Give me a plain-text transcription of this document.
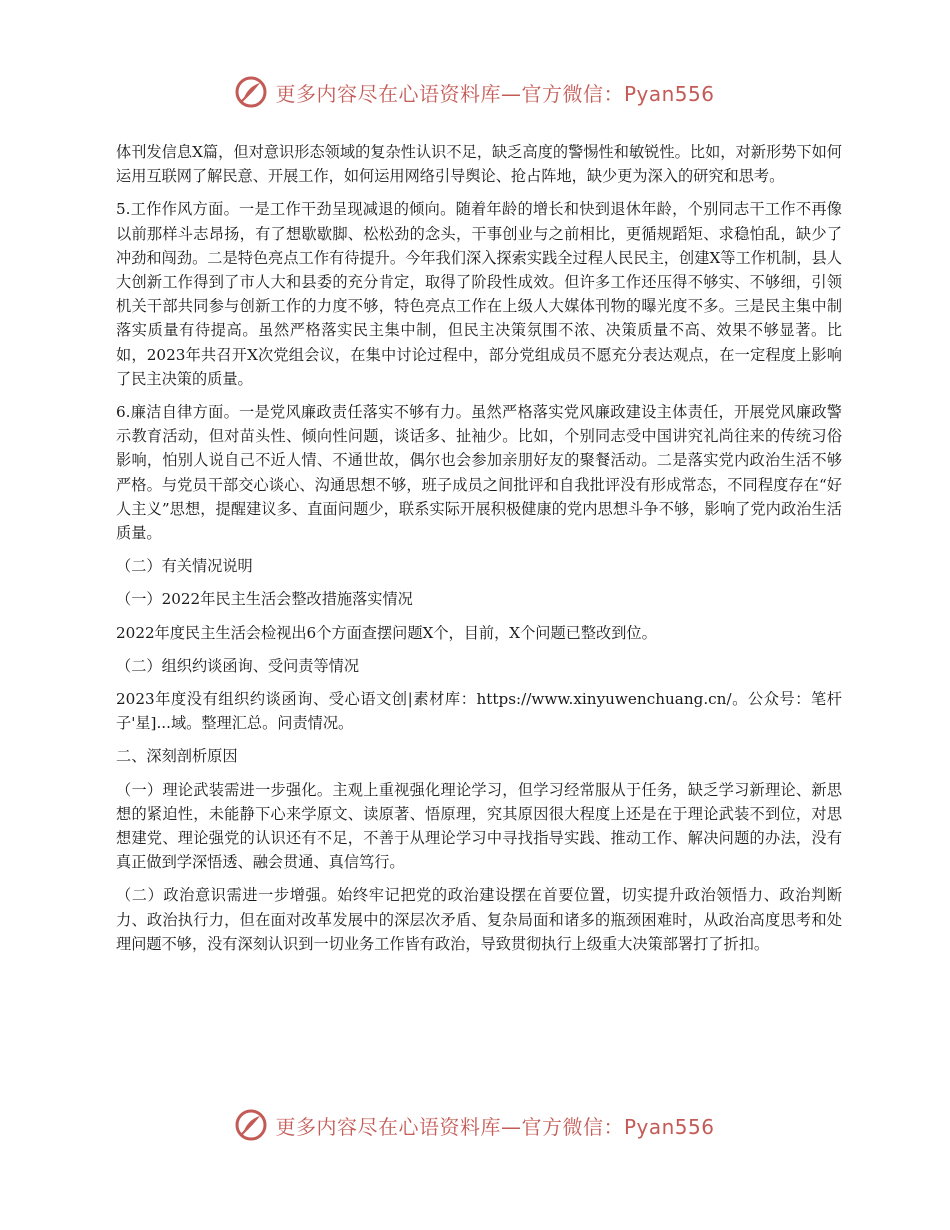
更多内容尽在心语资料库—官方微信：Pyan556

体刊发信息X篇，但对意识形态领域的复杂性认识不足，缺乏高度的警惕性和敏锐性。比如，对新形势下如何运用互联网了解民意、开展工作，如何运用网络引导舆论、抢占阵地，缺少更为深入的研究和思考。

5.工作作风方面。一是工作干劲呈现减退的倾向。随着年龄的增长和快到退休年龄，个别同志干工作不再像以前那样斗志昂扬，有了想歇歇脚、松松劲的念头，干事创业与之前相比，更循规蹈矩、求稳怕乱，缺少了冲劲和闯劲。二是特色亮点工作有待提升。今年我们深入探索实践全过程人民民主，创建X等工作机制，县人大创新工作得到了市人大和县委的充分肯定，取得了阶段性成效。但许多工作还压得不够实、不够细，引领机关干部共同参与创新工作的力度不够，特色亮点工作在上级人大媒体刊物的曝光度不多。三是民主集中制落实质量有待提高。虽然严格落实民主集中制，但民主决策氛围不浓、决策质量不高、效果不够显著。比如，2023年共召开X次党组会议，在集中讨论过程中，部分党组成员不愿充分表达观点，在一定程度上影响了民主决策的质量。

6.廉洁自律方面。一是党风廉政责任落实不够有力。虽然严格落实党风廉政建设主体责任，开展党风廉政警示教育活动，但对苗头性、倾向性问题，谈话多、扯袖少。比如，个别同志受中国讲究礼尚往来的传统习俗影响，怕别人说自己不近人情、不通世故，偶尔也会参加亲朋好友的聚餐活动。二是落实党内政治生活不够严格。与党员干部交心谈心、沟通思想不够，班子成员之间批评和自我批评没有形成常态，不同程度存在“好人主义”思想，提醒建议多、直面问题少，联系实际开展积极健康的党内思想斗争不够，影响了党内政治生活质量。

（二）有关情况说明

（一）2022年民主生活会整改措施落实情况

2022年度民主生活会检视出6个方面查摆问题X个，目前，X个问题已整改到位。

（二）组织约谈函询、受问责等情况

2023年度没有组织约谈函询、受心语文创|素材库：https://www.xinyuwenchuang.cn/。公众号：笔杆子'星]...域。整理汇总。问责情况。

二、深刻剖析原因

（一）理论武装需进一步强化。主观上重视强化理论学习，但学习经常服从于任务，缺乏学习新理论、新思想的紧迫性，未能静下心来学原文、读原著、悟原理，究其原因很大程度上还是在于理论武装不到位，对思想建党、理论强党的认识还有不足，不善于从理论学习中寻找指导实践、推动工作、解决问题的办法，没有真正做到学深悟透、融会贯通、真信笃行。

（二）政治意识需进一步增强。始终牢记把党的政治建设摆在首要位置，切实提升政治领悟力、政治判断力、政治执行力，但在面对改革发展中的深层次矛盾、复杂局面和诸多的瓶颈困难时，从政治高度思考和处理问题不够，没有深刻认识到一切业务工作皆有政治，导致贯彻执行上级重大决策部署打了折扣。

更多内容尽在心语资料库—官方微信：Pyan556
